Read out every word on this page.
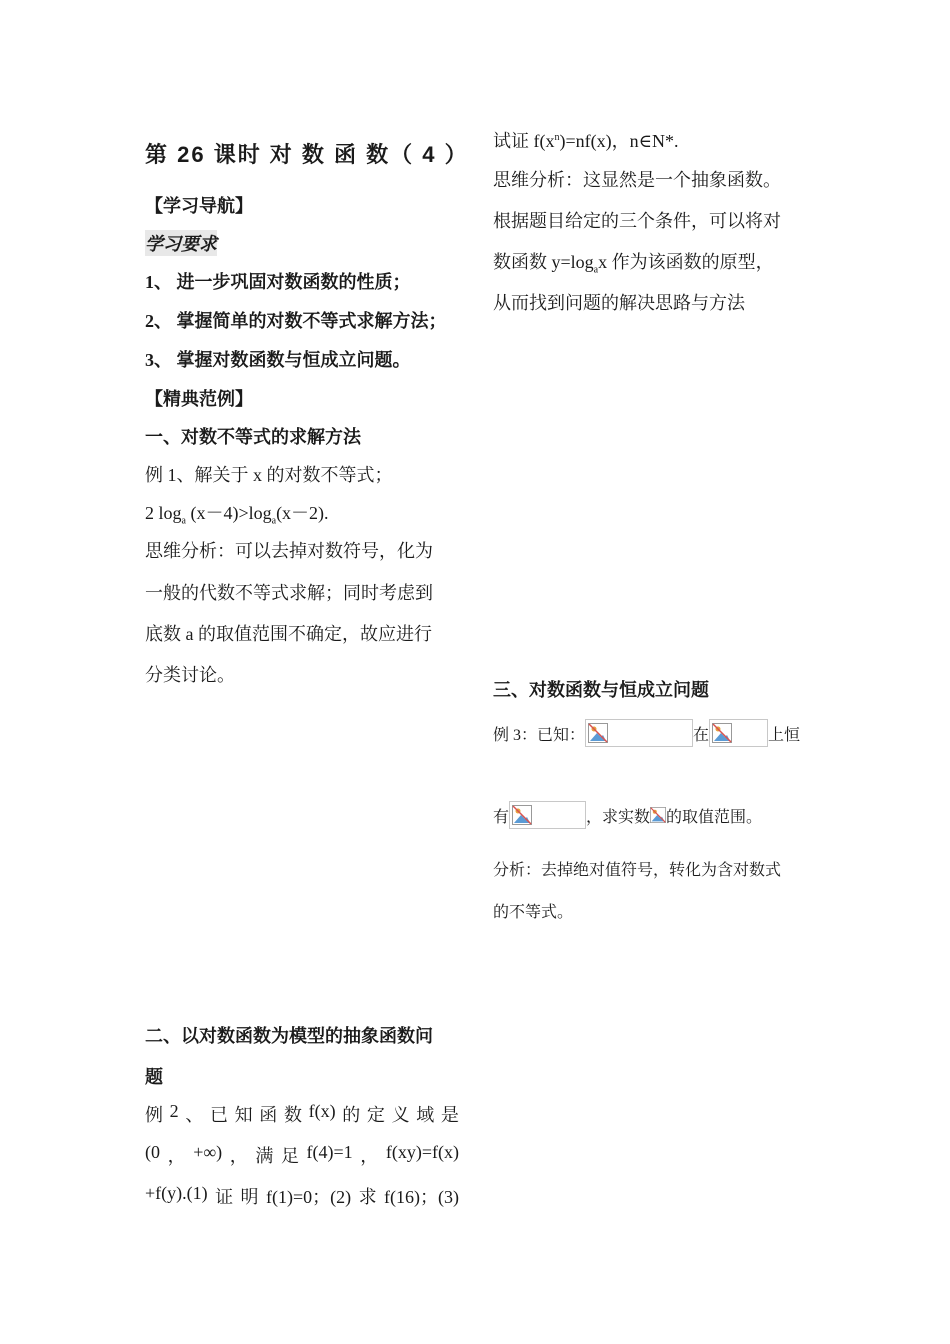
第 26 课时 对 数 函 数（ 4 ）
【学习导航】
学习要求
1、 进一步巩固对数函数的性质；
2、 掌握简单的对数不等式求解方法；
3、 掌握对数函数与恒成立问题。
【精典范例】
一、对数不等式的求解方法
例 1、解关于 x 的对数不等式；
2 $\log_a (x-4)>\log_a(x-2)$.
思维分析：可以去掉对数符号，化为
一般的代数不等式求解；同时考虑到
底数 a 的取值范围不确定，故应进行
分类讨论。
二、以对数函数为模型的抽象函数问
题
例 2 、 已 知 函 数 f(x) 的 定 义 域 是
(0 ， +∞) ， 满 足 f(4)=1 ， f(xy)=f(x)
+f(y).(1) 证 明 f(1)=0；(2) 求 f(16)；(3)
试证 $f(x^n)=nf(x)$，n∈N*.
思维分析：这显然是一个抽象函数。
根据题目给定的三个条件，可以将对
数函数 $y=\log_ax$ 作为该函数的原型，
从而找到问题的解决思路与方法
三、对数函数与恒成立问题
例 3：已知：	在	上恒
有	，求实数 的取值范围。
分析：去掉绝对值符号，转化为含对数式
的不等式。
